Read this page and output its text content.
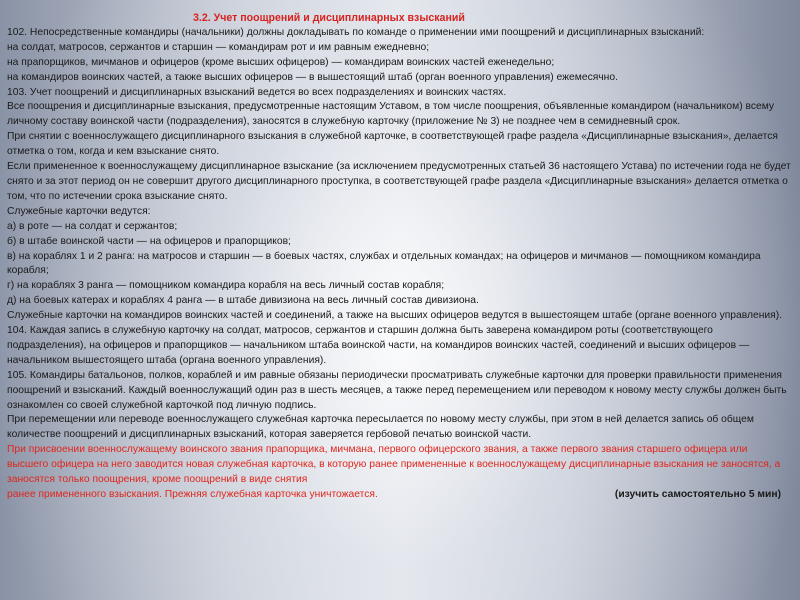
3.2. Учет поощрений и дисциплинарных взысканий

102. Непосредственные командиры (начальники) должны докладывать по команде о применении ими поощрений и дисциплинарных взысканий:

на солдат, матросов, сержантов и старшин — командирам рот и им равным ежедневно;

на прапорщиков, мичманов и офицеров (кроме высших офицеров) — командирам воинских частей еженедельно;

на командиров воинских частей, а также высших офицеров — в вышестоящий штаб (орган военного управления) ежемесячно.

103. Учет поощрений и дисциплинарных взысканий ведется во всех подразделениях и воинских частях.

Все поощрения и дисциплинарные взыскания, предусмотренные настоящим Уставом, в том числе поощрения, объявленные командиром (начальником) всему личному составу воинской части (подразделения), заносятся в служебную карточку (приложение № 3) не позднее чем в семидневный срок.

При снятии с военнослужащего дисциплинарного взыскания в служебной карточке, в соответствующей графе раздела «Дисциплинарные взыскания», делается отметка о том, когда и кем взыскание снято.

Если примененное к военнослужащему дисциплинарное взыскание (за исключением предусмотренных статьей 36 настоящего Устава) по истечении года не будет снято и за этот период он не совершит другого дисциплинарного проступка, в соответствующей графе раздела «Дисциплинарные взыскания» делается отметка о том, что по истечении срока взыскание снято.

Служебные карточки ведутся:

а) в роте — на солдат и сержантов;

б) в штабе воинской части — на офицеров и прапорщиков;

в) на кораблях 1 и 2 ранга: на матросов и старшин — в боевых частях, службах и отдельных командах; на офицеров и мичманов — помощником командира корабля;

г) на кораблях 3 ранга — помощником командира корабля на весь личный состав корабля;

д) на боевых катерах и кораблях 4 ранга — в штабе дивизиона на весь личный состав дивизиона.

Служебные карточки на командиров воинских частей и соединений, а также на высших офицеров ведутся в вышестоящем штабе (органе военного управления).

104. Каждая запись в служебную карточку на солдат, матросов, сержантов и старшин должна быть заверена командиром роты (соответствующего подразделения), на офицеров и прапорщиков — начальником штаба воинской части, на командиров воинских частей, соединений и высших офицеров — начальником вышестоящего штаба (органа военного управления).

105. Командиры батальонов, полков, кораблей и им равные обязаны периодически просматривать служебные карточки для проверки правильности применения поощрений и взысканий. Каждый военнослужащий один раз в шесть месяцев, а также перед перемещением или переводом к новому месту службы должен быть ознакомлен со своей служебной карточкой под личную подпись.

При перемещении или переводе военнослужащего служебная карточка пересылается по новому месту службы, при этом в ней делается запись об общем количестве поощрений и дисциплинарных взысканий, которая заверяется гербовой печатью воинской части.

При присвоении военнослужащему воинского звания прапорщика, мичмана, первого офицерского звания, а также первого звания старшего офицера или высшего офицера на него заводится новая служебная карточка, в которую ранее примененные к военнослужащему дисциплинарные взыскания не заносятся, а заносятся только поощрения, кроме поощрений в виде снятия

ранее примененного взыскания. Прежняя служебная карточка уничтожается.	(изучить самостоятельно 5 мин)
